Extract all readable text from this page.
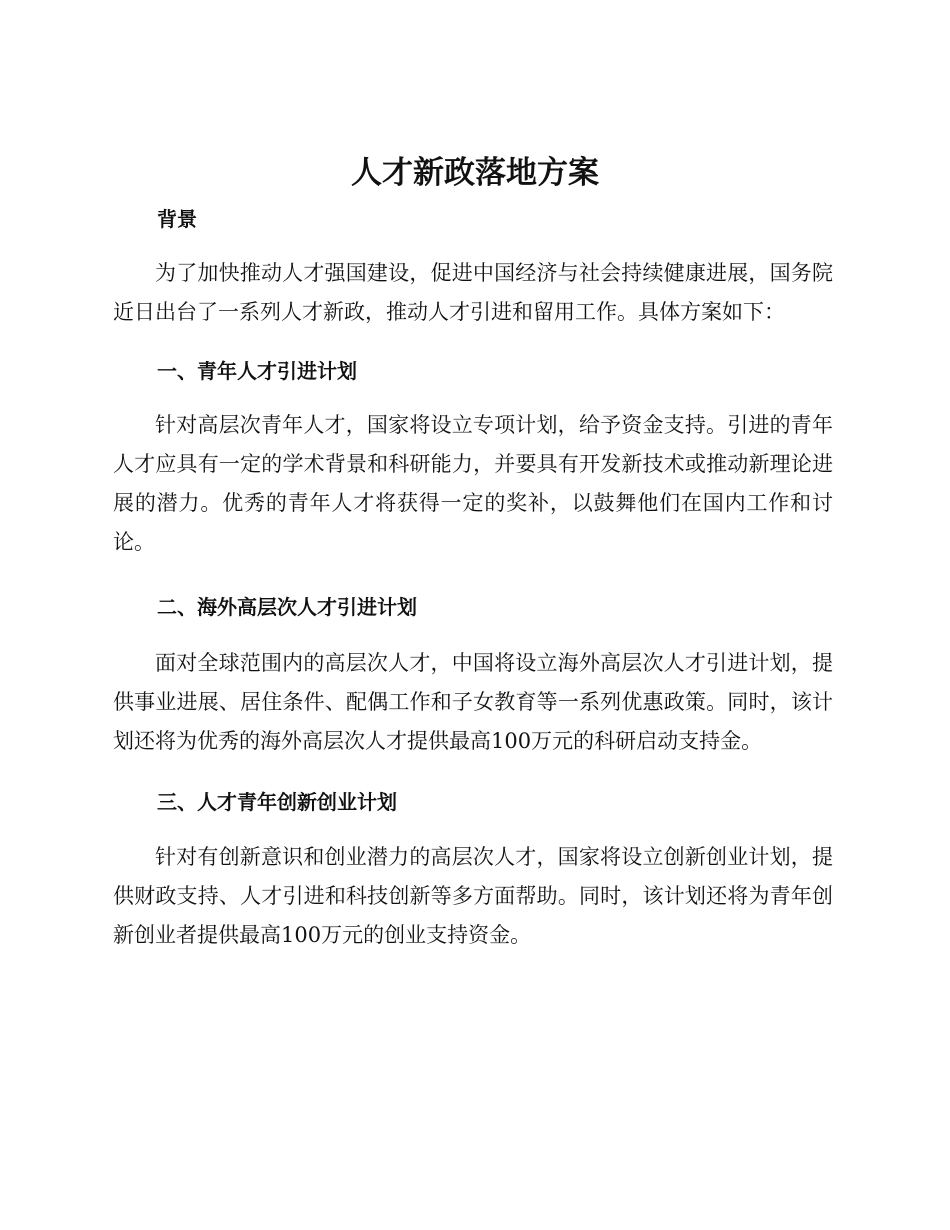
人才新政落地方案
背景

为了加快推动人才强国建设，促进中国经济与社会持续健康进展，国务院近日出台了一系列人才新政，推动人才引进和留用工作。具体方案如下：

一、青年人才引进计划

针对高层次青年人才，国家将设立专项计划，给予资金支持。引进的青年人才应具有一定的学术背景和科研能力，并要具有开发新技术或推动新理论进展的潜力。优秀的青年人才将获得一定的奖补，以鼓舞他们在国内工作和讨论。

二、海外高层次人才引进计划

面对全球范围内的高层次人才，中国将设立海外高层次人才引进计划，提供事业进展、居住条件、配偶工作和子女教育等一系列优惠政策。同时，该计划还将为优秀的海外高层次人才提供最高100万元的科研启动支持金。

三、人才青年创新创业计划

针对有创新意识和创业潜力的高层次人才，国家将设立创新创业计划，提供财政支持、人才引进和科技创新等多方面帮助。同时，该计划还将为青年创新创业者提供最高100万元的创业支持资金。
